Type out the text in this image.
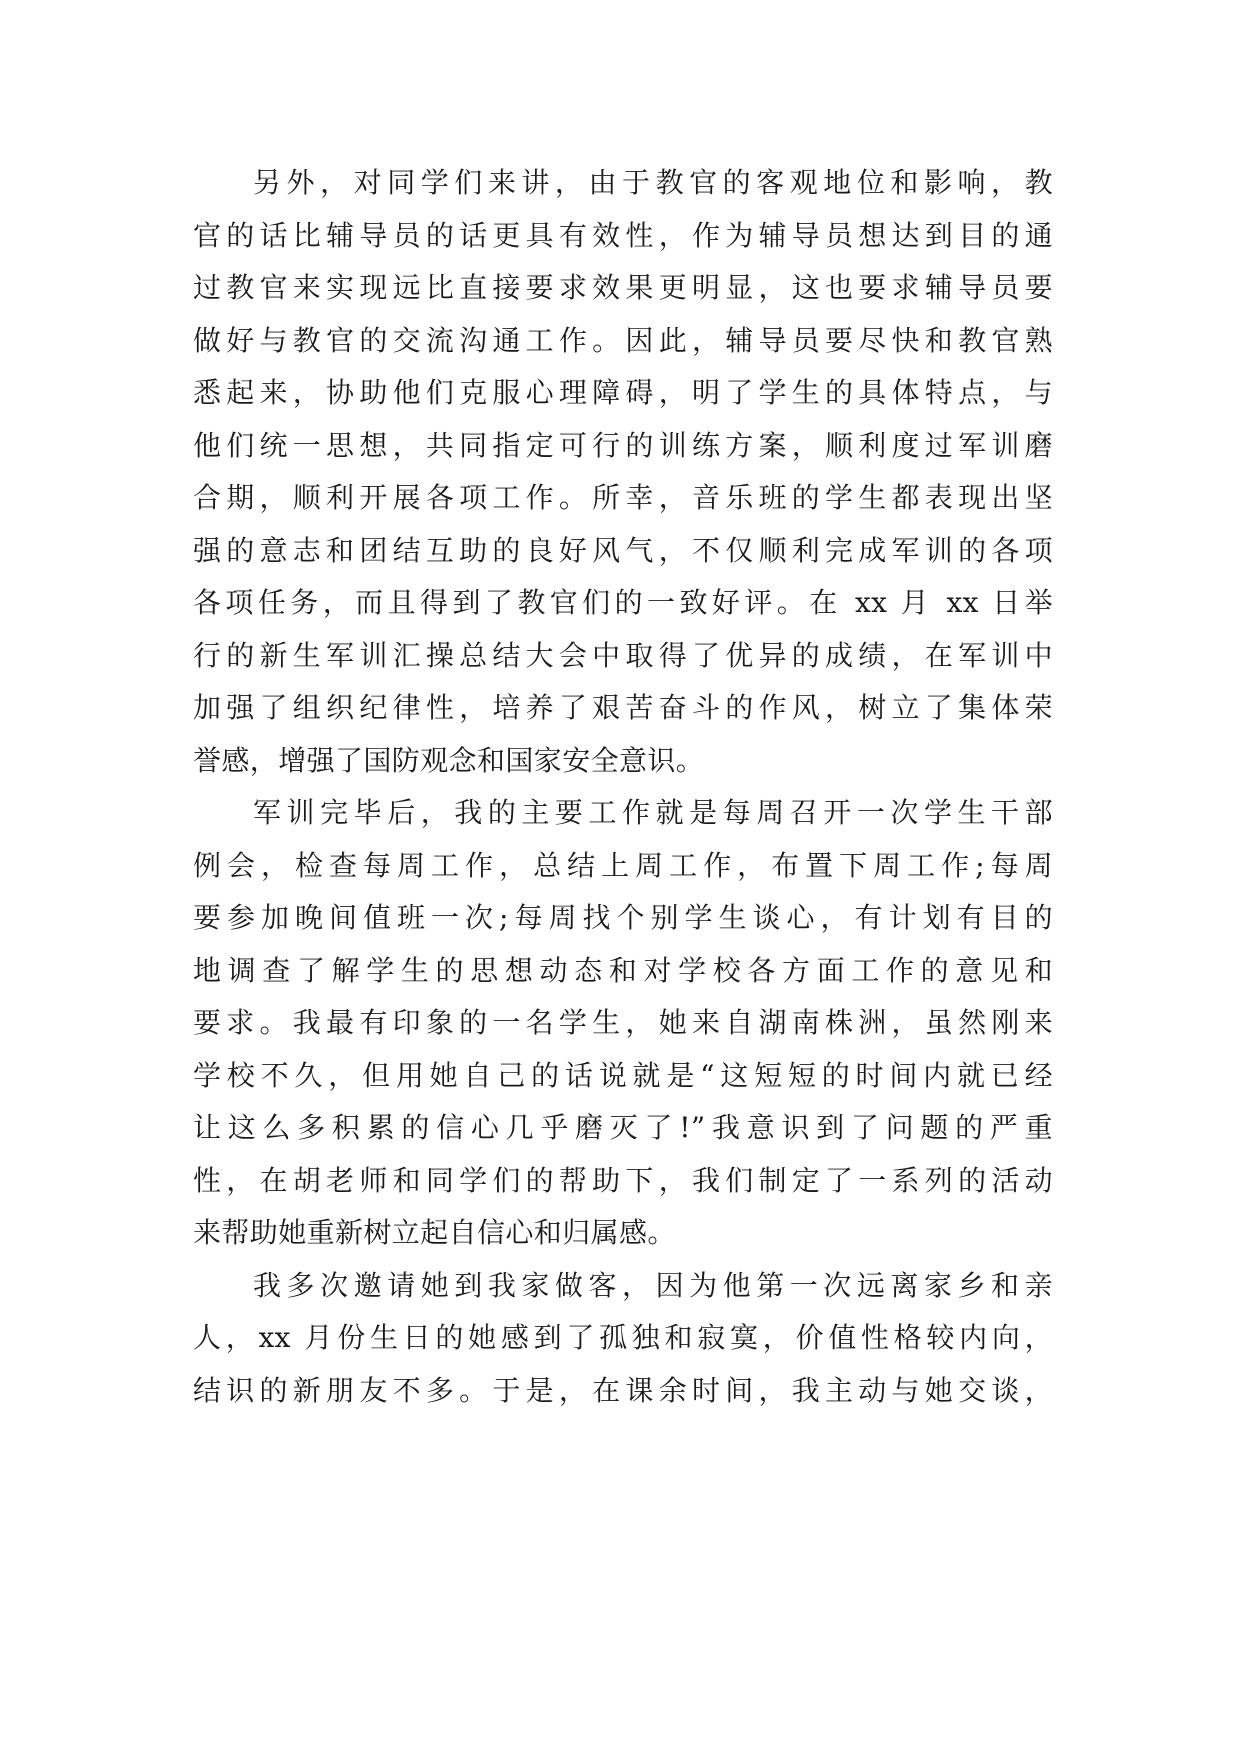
另外，对同学们来讲，由于教官的客观地位和影响，教
官的话比辅导员的话更具有效性，作为辅导员想达到目的通
过教官来实现远比直接要求效果更明显，这也要求辅导员要
做好与教官的交流沟通工作。因此，辅导员要尽快和教官熟
悉起来，协助他们克服心理障碍，明了学生的具体特点，与
他们统一思想，共同指定可行的训练方案，顺利度过军训磨
合期，顺利开展各项工作。所幸，音乐班的学生都表现出坚
强的意志和团结互助的良好风气，不仅顺利完成军训的各项
各项任务，而且得到了教官们的一致好评。在 xx 月 xx 日举
行的新生军训汇操总结大会中取得了优异的成绩，在军训中
加强了组织纪律性，培养了艰苦奋斗的作风，树立了集体荣
誉感，增强了国防观念和国家安全意识。
军训完毕后，我的主要工作就是每周召开一次学生干部
例会，检查每周工作，总结上周工作，布置下周工作;每周
要参加晚间值班一次;每周找个别学生谈心，有计划有目的
地调查了解学生的思想动态和对学校各方面工作的意见和
要求。我最有印象的一名学生，她来自湖南株洲，虽然刚来
学校不久，但用她自己的话说就是“这短短的时间内就已经
让这么多积累的信心几乎磨灭了!”我意识到了问题的严重
性，在胡老师和同学们的帮助下，我们制定了一系列的活动
来帮助她重新树立起自信心和归属感。
我多次邀请她到我家做客，因为他第一次远离家乡和亲
人，xx 月份生日的她感到了孤独和寂寞，价值性格较内向，
结识的新朋友不多。于是，在课余时间，我主动与她交谈，
